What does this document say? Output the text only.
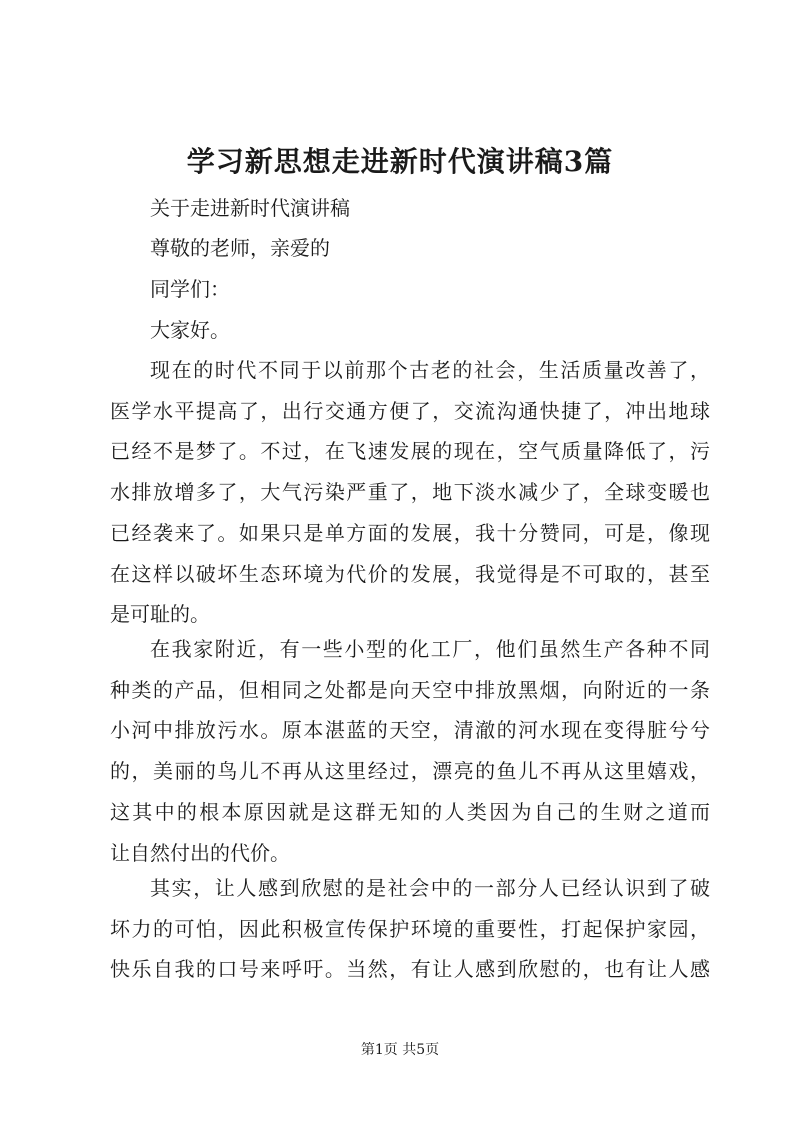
学习新思想走进新时代演讲稿3篇

关于走进新时代演讲稿

尊敬的老师，亲爱的

同学们：

大家好。

现在的时代不同于以前那个古老的社会，生活质量改善了，
医学水平提高了，出行交通方便了，交流沟通快捷了，冲出地球
已经不是梦了。不过，在飞速发展的现在，空气质量降低了，污
水排放增多了，大气污染严重了，地下淡水减少了，全球变暖也
已经袭来了。如果只是单方面的发展，我十分赞同，可是，像现
在这样以破坏生态环境为代价的发展，我觉得是不可取的，甚至
是可耻的。
在我家附近，有一些小型的化工厂，他们虽然生产各种不同
种类的产品，但相同之处都是向天空中排放黑烟，向附近的一条
小河中排放污水。原本湛蓝的天空，清澈的河水现在变得脏兮兮
的，美丽的鸟儿不再从这里经过，漂亮的鱼儿不再从这里嬉戏，
这其中的根本原因就是这群无知的人类因为自己的生财之道而
让自然付出的代价。
其实，让人感到欣慰的是社会中的一部分人已经认识到了破
坏力的可怕，因此积极宣传保护环境的重要性，打起保护家园，
快乐自我的口号来呼吁。当然，有让人感到欣慰的，也有让人感
第1页 共5页
